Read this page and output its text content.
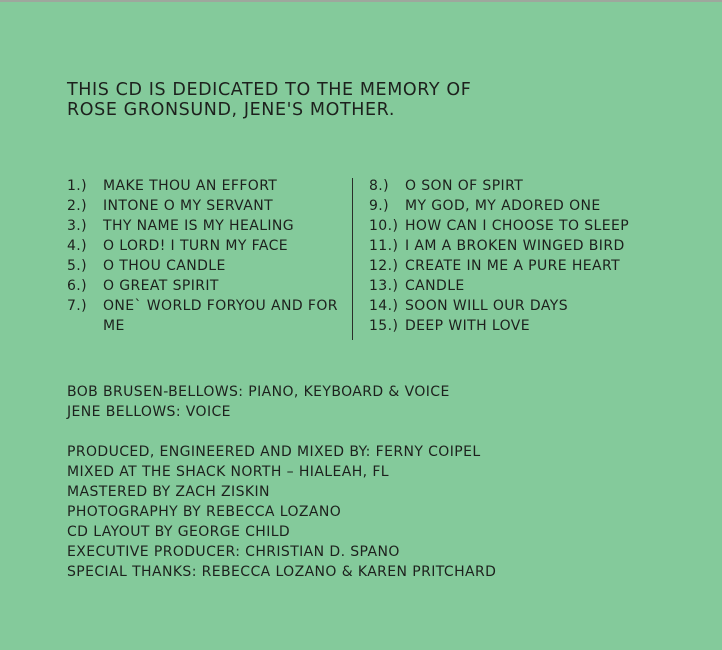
THIS CD IS DEDICATED TO THE MEMORY OF
ROSE GRONSUND, JENE'S MOTHER.
1.)	MAKE THOU AN EFFORT
2.)	INTONE O MY SERVANT
3.)	THY NAME IS MY HEALING
4.)	O LORD! I TURN MY FACE
5.)	O THOU CANDLE
6.)	O GREAT SPIRIT
7.)	ONE` WORLD FORYOU AND FOR ME
8.)	O SON OF SPIRT
9.)	MY GOD, MY ADORED ONE
10.) HOW CAN I CHOOSE TO SLEEP
11.) I AM A BROKEN WINGED BIRD
12.) CREATE IN ME A PURE HEART
13.) CANDLE
14.) SOON WILL OUR DAYS
15.) DEEP WITH LOVE
BOB BRUSEN-BELLOWS: PIANO, KEYBOARD & VOICE
JENE BELLOWS: VOICE
PRODUCED, ENGINEERED AND MIXED BY: FERNY COIPEL
MIXED AT THE SHACK NORTH – HIALEAH, FL
MASTERED BY ZACH ZISKIN
PHOTOGRAPHY BY REBECCA LOZANO
CD LAYOUT BY GEORGE CHILD
EXECUTIVE PRODUCER: CHRISTIAN D. SPANO
SPECIAL THANKS: REBECCA LOZANO & KAREN PRITCHARD
